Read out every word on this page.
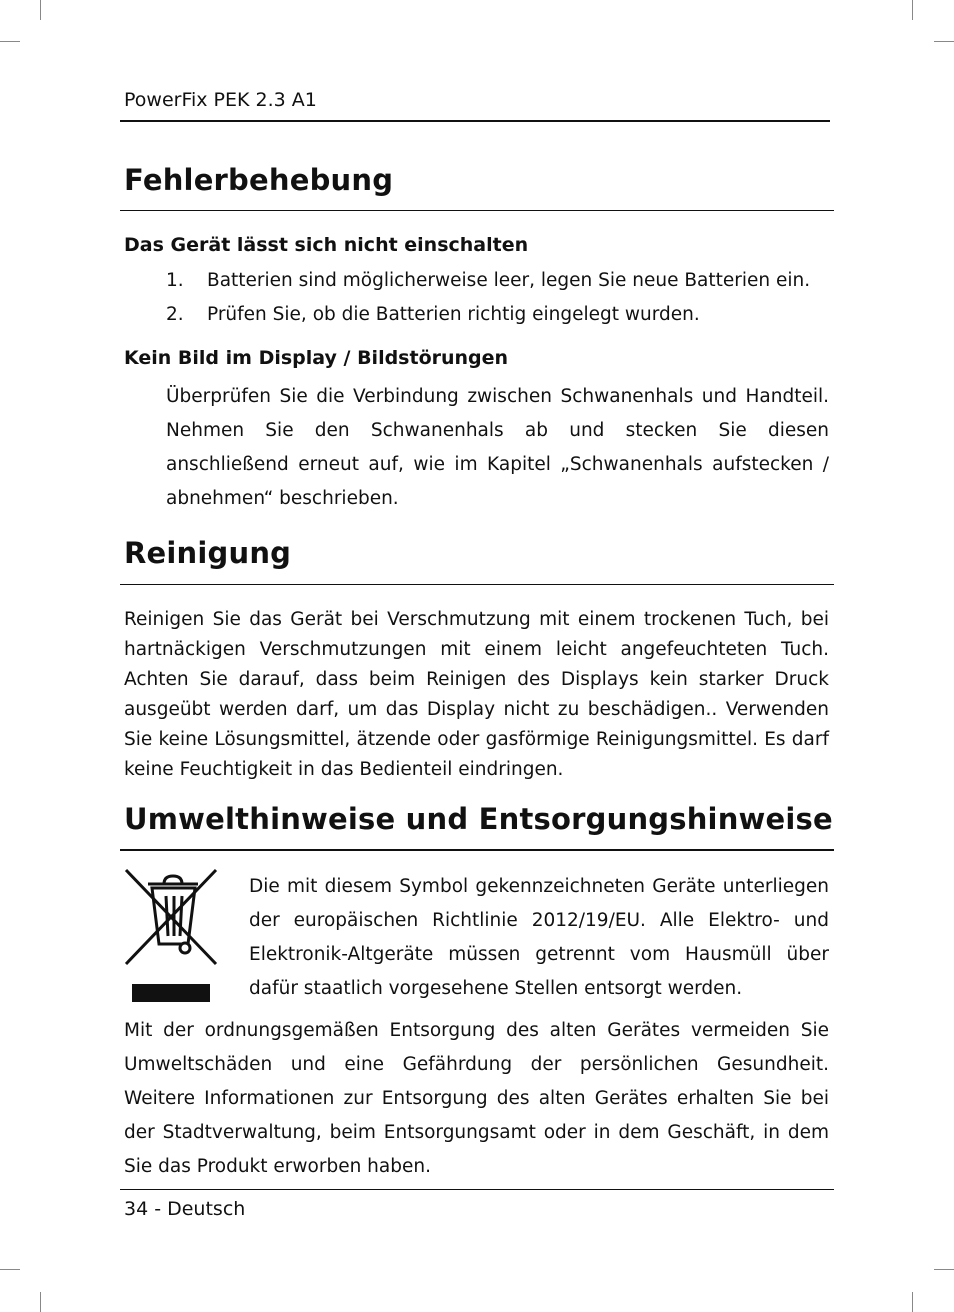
PowerFix PEK 2.3 A1
Fehlerbehebung
Das Gerät lässt sich nicht einschalten
1. Batterien sind möglicherweise leer, legen Sie neue Batterien ein.
2. Prüfen Sie, ob die Batterien richtig eingelegt wurden.
Kein Bild im Display / Bildstörungen
Überprüfen Sie die Verbindung zwischen Schwanenhals und Handteil. Nehmen Sie den Schwanenhals ab und stecken Sie diesen anschließend erneut auf, wie im Kapitel „Schwanenhals aufstecken / abnehmen“ beschrieben.
Reinigung
Reinigen Sie das Gerät bei Verschmutzung mit einem trockenen Tuch, bei hartnäckigen Verschmutzungen mit einem leicht angefeuchteten Tuch. Achten Sie darauf, dass beim Reinigen des Displays kein starker Druck ausgeübt werden darf, um das Display nicht zu beschädigen.. Verwenden Sie keine Lösungsmittel, ätzende oder gasförmige Reinigungsmittel. Es darf keine Feuchtigkeit in das Bedienteil eindringen.
Umwelthinweise und Entsorgungshinweise
Die mit diesem Symbol gekennzeichneten Geräte unterliegen der europäischen Richtlinie 2012/19/EU. Alle Elektro- und Elektronik-Altgeräte müssen getrennt vom Hausmüll über dafür staatlich vorgesehene Stellen entsorgt werden.
Mit der ordnungsgemäßen Entsorgung des alten Gerätes vermeiden Sie Umweltschäden und eine Gefährdung der persönlichen Gesundheit. Weitere Informationen zur Entsorgung des alten Gerätes erhalten Sie bei der Stadtverwaltung, beim Entsorgungsamt oder in dem Geschäft, in dem Sie das Produkt erworben haben.
34 - Deutsch
